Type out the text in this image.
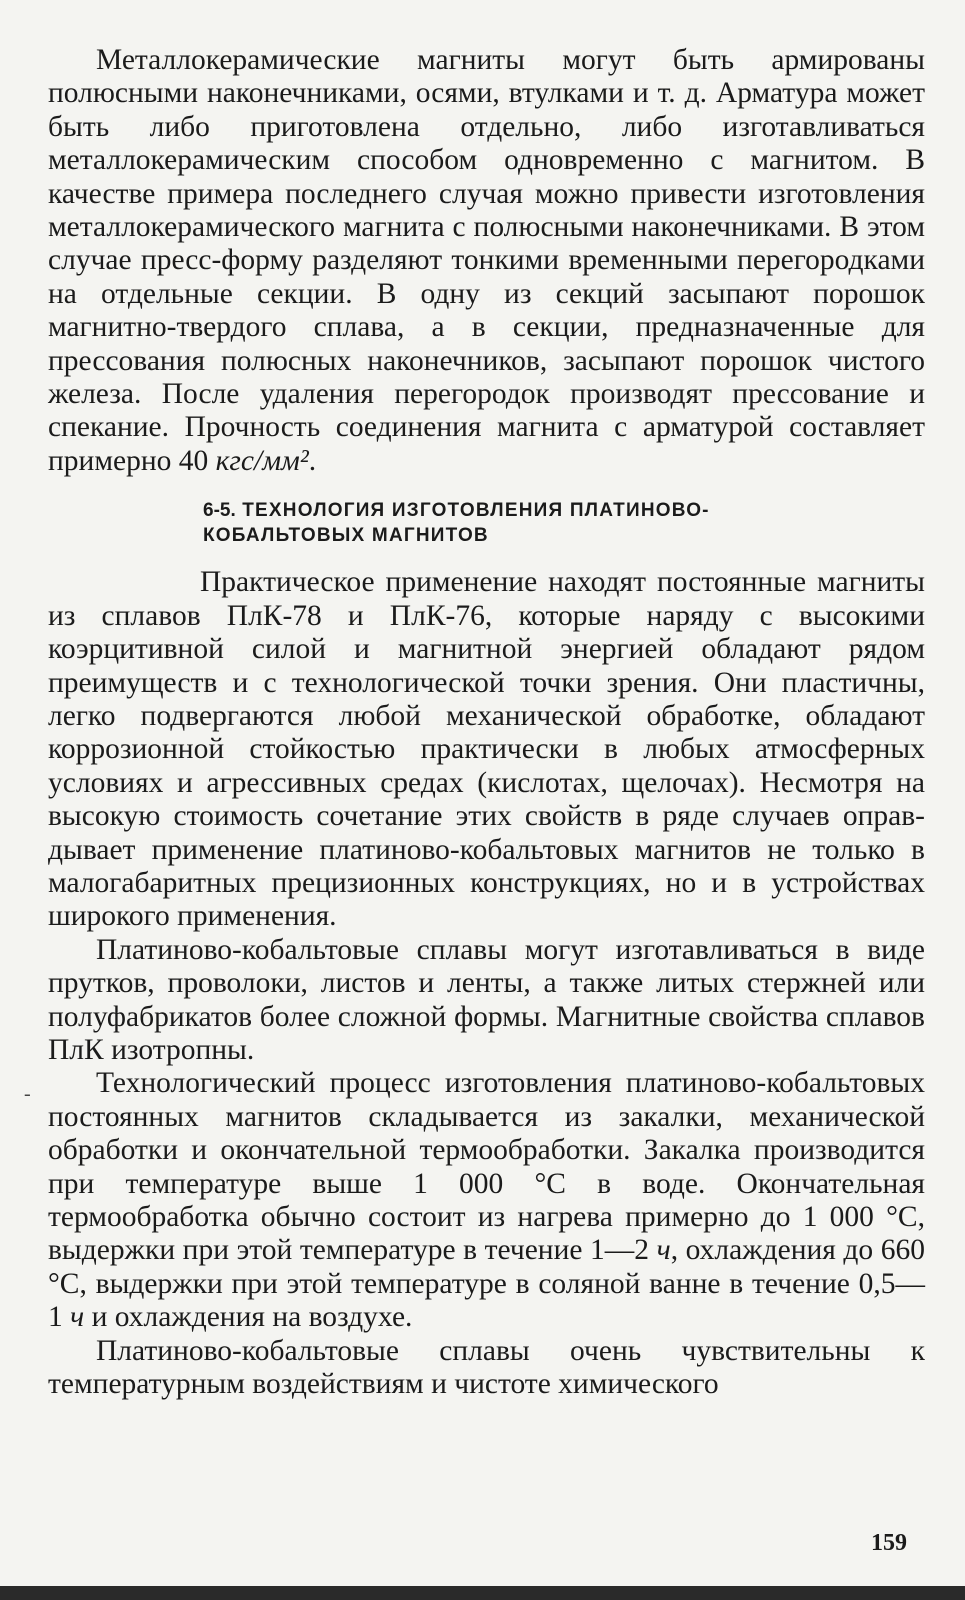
Металлокерамические магниты могут быть армированы полюсными наконечниками, осями, втулками и т. д. Арматура может быть либо приготовлена отдельно, либо изготавливаться металлокерамическим способом одновременно с магнитом. В качестве примера последнего случая можно привести изготовления металлокерамического магнита с полюсными наконечниками. В этом случае пресс-форму разделяют тонкими временными перегородками на отдельные секции. В одну из секций засыпают порошок магнитно-твердого сплава, а в секции, предназначенные для прессования полюсных наконечников, засыпают порошок чистого железа. После удаления перегородок производят прессование и спекание. Прочность соединения магнита с арматурой составляет примерно 40 кгс/мм².

6-5. ТЕХНОЛОГИЯ ИЗГОТОВЛЕНИЯ ПЛАТИНОВО-
КОБАЛЬТОВЫХ МАГНИТОВ

Практическое применение находят постоянные магниты из сплавов ПлК-78 и ПлК-76, которые наряду с высокими коэрцитивной силой и магнитной энергией обладают рядом преимуществ и с технологической точки зрения. Они пластичны, легко подвергаются любой механической обработке, обладают коррозионной стойкостью практически в любых атмосферных условиях и агрессивных средах (кислотах, щелочах). Несмотря на высокую стоимость сочетание этих свойств в ряде случаев оправдывает применение платиново-кобальтовых магнитов не только в малогабаритных прецизионных конструкциях, но и в устройствах широкого применения.

Платиново-кобальтовые сплавы могут изготавливаться в виде прутков, проволоки, листов и ленты, а также литых стержней или полуфабрикатов более сложной формы. Магнитные свойства сплавов ПлК изотропны.

Технологический процесс изготовления платиново-кобальтовых постоянных магнитов складывается из закалки, механической обработки и окончательной термообработки. Закалка производится при температуре выше 1 000 °С в воде. Окончательная термообработка обычно состоит из нагрева примерно до 1 000 °С, выдержки при этой температуре в течение 1—2 ч, охлаждения до 660 °С, выдержки при этой температуре в соляной ванне в течение 0,5—1 ч и охлаждения на воздухе.

Платиново-кобальтовые сплавы очень чувствительны к температурным воздействиям и чистоте химического

-
159
